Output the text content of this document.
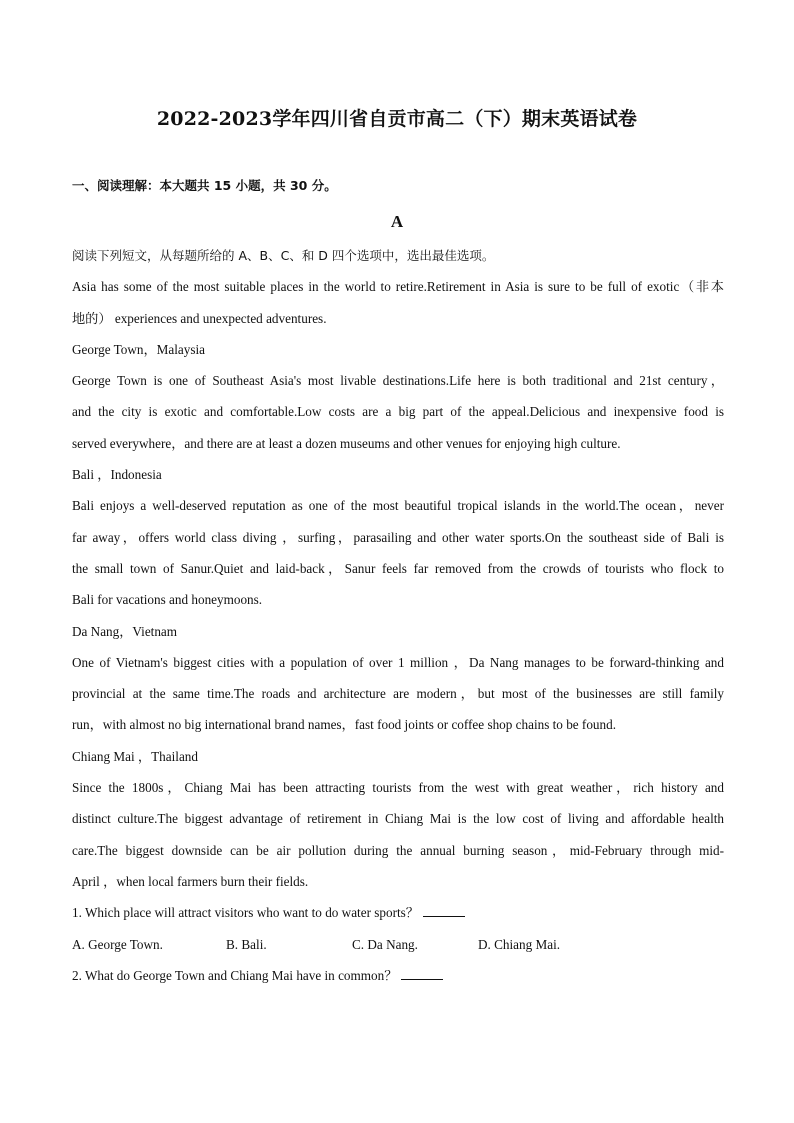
2022-2023学年四川省自贡市高二（下）期末英语试卷
一、阅读理解：本大题共 15 小题，共 30 分。
A
阅读下列短文，从每题所给的 A、B、C、和 D 四个选项中，选出最佳选项。
Asia has some of the most suitable places in the world to retire.Retirement in Asia is sure to be full of exotic（非本
地的） experiences and unexpected adventures.
George Town，Malaysia
George Town is one of Southeast Asia's most livable destinations.Life here is both traditional and 21st century，
and the city is exotic and comfortable.Low costs are a big part of the appeal.Delicious and inexpensive food is
served everywhere，and there are at least a dozen museums and other venues for enjoying high culture.
Bali ，Indonesia
Bali enjoys a well-deserved reputation as one of the most beautiful tropical islands in the world.The ocean，never
far away，offers world class diving ，surfing，parasailing and other water sports.On the southeast side of Bali is
the small town of Sanur.Quiet and laid-back，Sanur feels far removed from the crowds of tourists who flock to
Bali for vacations and honeymoons.
Da Nang，Vietnam
One of Vietnam's biggest cities with a population of over 1 million ，Da Nang manages to be forward-thinking and
provincial at the same time.The roads and architecture are modern，but most of the businesses are still family
run，with almost no big international brand names，fast food joints or coffee shop chains to be found.
Chiang Mai ，Thailand
Since the 1800s，Chiang Mai has been attracting tourists from the west with great weather，rich history and
distinct culture.The biggest advantage of retirement in Chiang Mai is the low cost of living and affordable health
care.The biggest downside can be air pollution during the annual burning season，mid-February through mid-
April ，when local farmers burn their fields.
1. Which place will attract visitors who want to do water sports？
A. George Town.	B. Bali.	C. Da Nang.	D. Chiang Mai.
2. What do George Town and Chiang Mai have in common？
